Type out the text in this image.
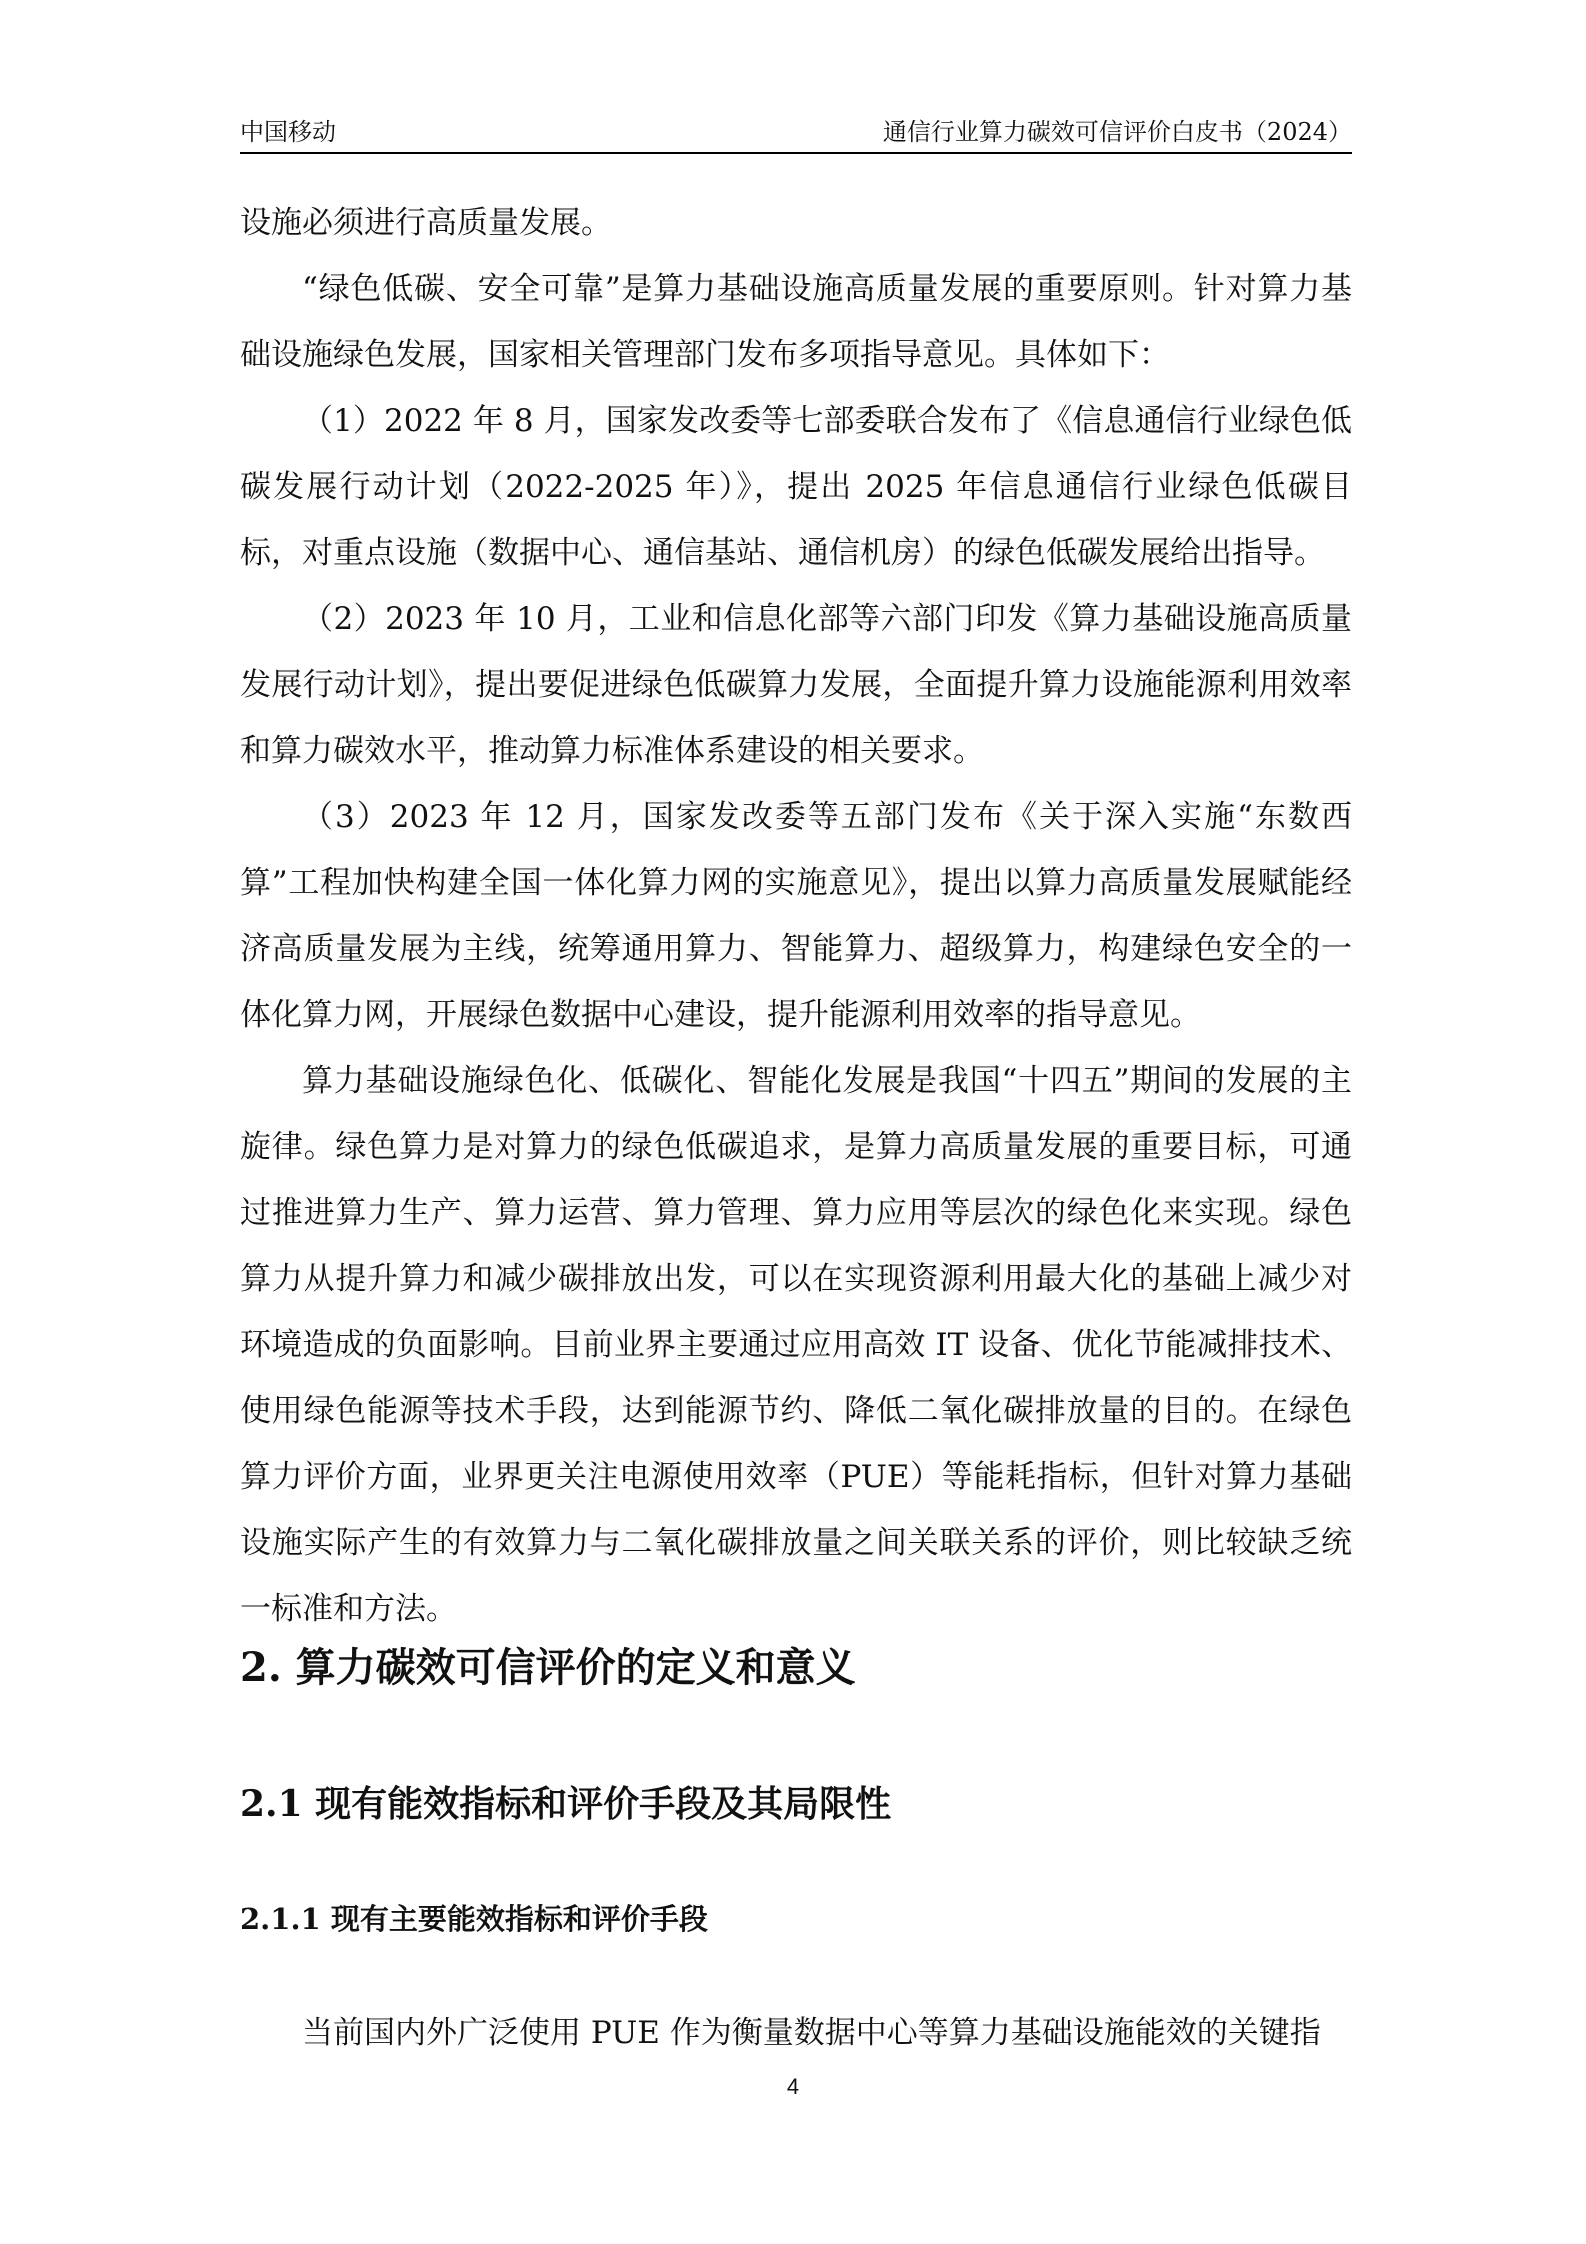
中国移动	通信行业算力碳效可信评价白皮书（2024）

设施必须进行高质量发展。

“绿色低碳、安全可靠”是算力基础设施高质量发展的重要原则。针对算力基础设施绿色发展，国家相关管理部门发布多项指导意见。具体如下：

（1）2022 年 8 月，国家发改委等七部委联合发布了《信息通信行业绿色低碳发展行动计划（2022-2025 年）》，提出 2025 年信息通信行业绿色低碳目标，对重点设施（数据中心、通信基站、通信机房）的绿色低碳发展给出指导。

（2）2023 年 10 月，工业和信息化部等六部门印发《算力基础设施高质量发展行动计划》，提出要促进绿色低碳算力发展，全面提升算力设施能源利用效率和算力碳效水平，推动算力标准体系建设的相关要求。

（3）2023 年 12 月，国家发改委等五部门发布《关于深入实施“东数西算”工程加快构建全国一体化算力网的实施意见》，提出以算力高质量发展赋能经济高质量发展为主线，统筹通用算力、智能算力、超级算力，构建绿色安全的一体化算力网，开展绿色数据中心建设，提升能源利用效率的指导意见。

算力基础设施绿色化、低碳化、智能化发展是我国“十四五”期间的发展的主旋律。绿色算力是对算力的绿色低碳追求，是算力高质量发展的重要目标，可通过推进算力生产、算力运营、算力管理、算力应用等层次的绿色化来实现。绿色算力从提升算力和减少碳排放出发，可以在实现资源利用最大化的基础上减少对环境造成的负面影响。目前业界主要通过应用高效 IT 设备、优化节能减排技术、使用绿色能源等技术手段，达到能源节约、降低二氧化碳排放量的目的。在绿色算力评价方面，业界更关注电源使用效率（PUE）等能耗指标，但针对算力基础设施实际产生的有效算力与二氧化碳排放量之间关联关系的评价，则比较缺乏统一标准和方法。

2. 算力碳效可信评价的定义和意义
2.1 现有能效指标和评价手段及其局限性
2.1.1 现有主要能效指标和评价手段

当前国内外广泛使用 PUE 作为衡量数据中心等算力基础设施能效的关键指

4
